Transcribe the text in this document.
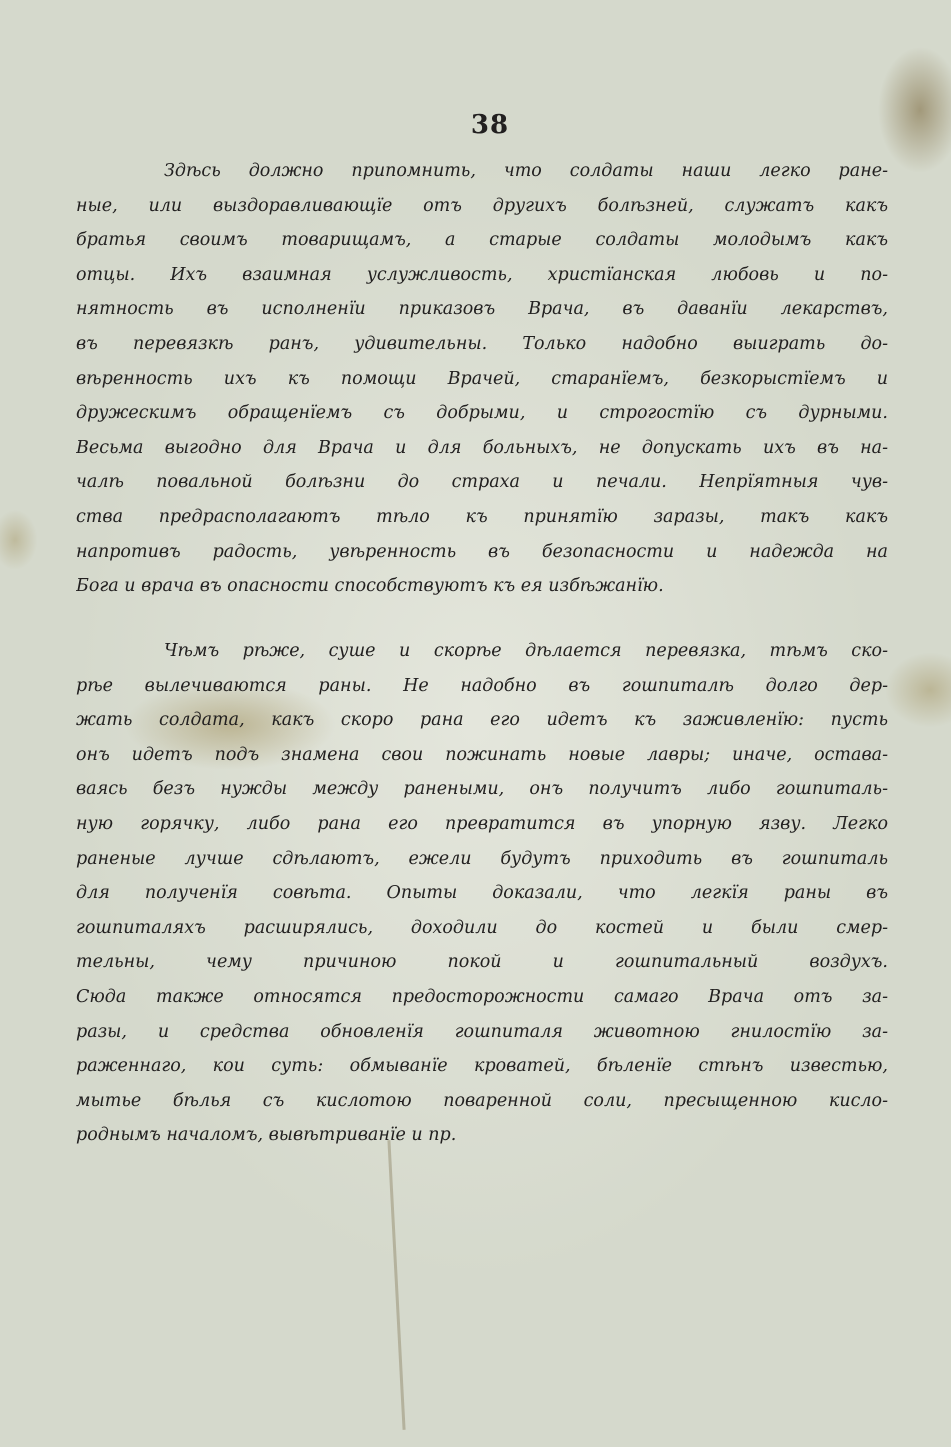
38
Здѣсь должно припомнить, что солдаты наши легко ране-
ные, или выздоравливающїе отъ другихъ болѣзней, служатъ какъ
братья своимъ товарищамъ, а старые солдаты молодымъ какъ
отцы. Ихъ взаимная услужливость, христїанская любовь и по-
нятность въ исполненїи приказовъ Врача, въ даванїи лекарствъ,
въ перевязкѣ ранъ, удивительны. Только надобно выиграть до-
вѣренность ихъ къ помощи Врачей, старанїемъ, безкорыстїемъ и
дружескимъ обращенїемъ съ добрыми, и строгостїю съ дурными.
Весьма выгодно для Врача и для больныхъ, не допускать ихъ въ на-
чалѣ повальной болѣзни до страха и печали. Непрїятныя чув-
ства предрасполагаютъ тѣло къ принятїю заразы, такъ какъ
напротивъ радость, увѣренность въ безопасности и надежда на
Бога и врача въ опасности способствуютъ къ ея избѣжанїю.
Чѣмъ рѣже, суше и скорѣе дѣлается перевязка, тѣмъ ско-
рѣе вылечиваются раны. Не надобно въ гошпиталѣ долго дер-
жать солдата, какъ скоро рана его идетъ къ заживленїю: пусть
онъ идетъ подъ знамена свои пожинать новые лавры; иначе, остава-
ваясь безъ нужды между ранеными, онъ получитъ либо гошпиталь-
ную горячку, либо рана его превратится въ упорную язву. Легко
раненые лучше сдѣлаютъ, ежели будутъ приходить въ гошпиталь
для полученїя совѣта. Опыты доказали, что легкїя раны въ
гошпиталяхъ расширялись, доходили до костей и были смер-
тельны, чему причиною покой и гошпитальный воздухъ.
Сюда также относятся предосторожности самаго Врача отъ за-
разы, и средства обновленїя гошпиталя животною гнилостїю за-
раженнаго, кои суть: обмыванїе кроватей, бѣленїе стѣнъ известью,
мытье бѣлья съ кислотою поваренной соли, пресыщенною кисло-
роднымъ началомъ, вывѣтриванїе и пр.
